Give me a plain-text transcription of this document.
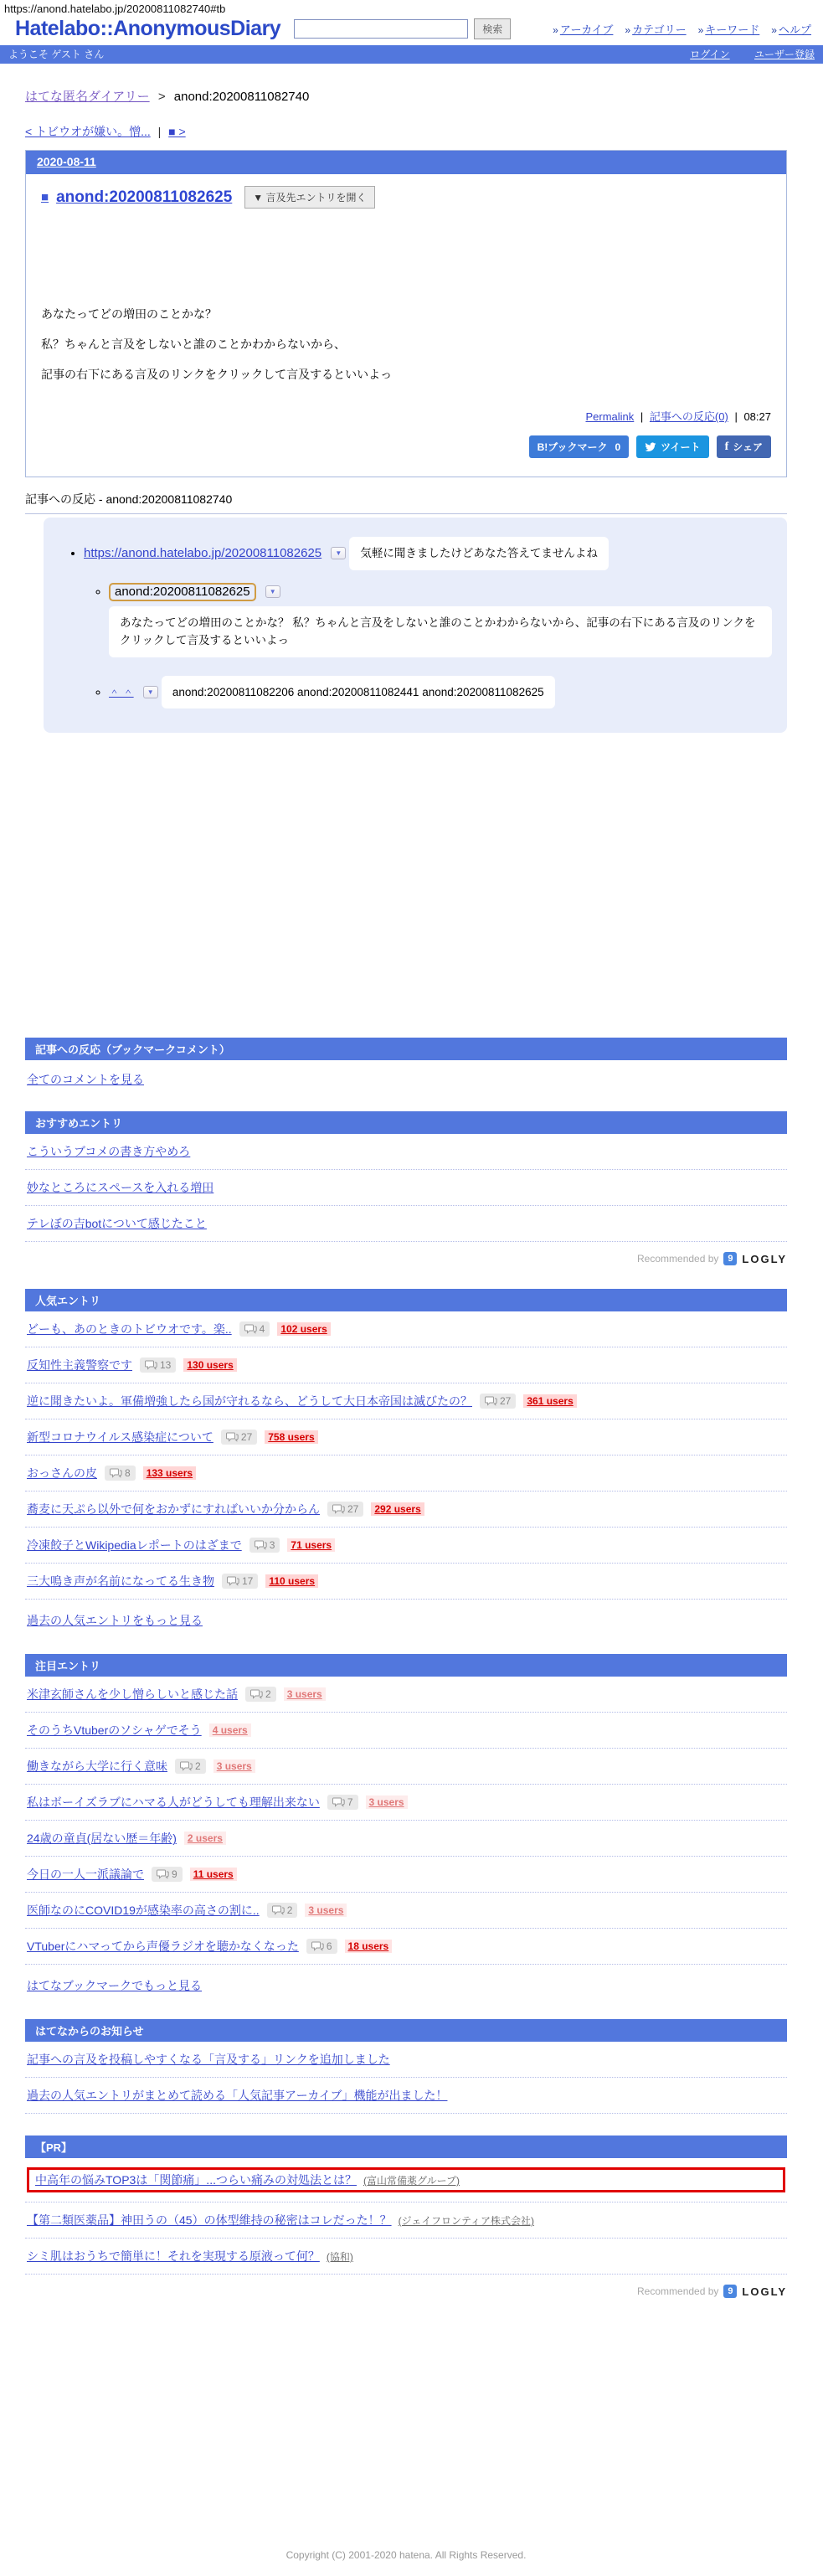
https://anond.hatelabo.jp/20200811082740#tb
Hatelabo::AnonymousDiary	検索	» アーカイブ » カテゴリー » キーワード » ヘルプ
ようこそ ゲスト さん	ログイン ユーザー登録
はてな匿名ダイアリー > anond:20200811082740
< トビウオが嫌い。憎... | ■ >
2020-08-11
■ anond:20200811082625	▼ 言及先エントリを開く

あなたってどの増田のことかな？

私？ちゃんと言及をしないと誰のことかわからないから、

記事の右下にある言及のリンクをクリックして言及するといいよっ

Permalink | 記事への反応(0) | 08:27
B!ブックマーク 0	ツイート f シェア
記事への反応 - anond:20200811082740
• https://anond.hatelabo.jp/20200811082625 ▼ 気軽に聞きましたけどあなた答えてませんよね
◦ anond:20200811082625	▼ あなたってどの増田のことかな？ 私？ちゃんと言及をしないと誰のことかわからないから、記事の右下にある言及のリンクをクリックして言及するといいよっ
◦ ＾ ＾ ▼ anond:20200811082206 anond:20200811082441 anond:20200811082625
記事への反応（ブックマークコメント）
全てのコメントを見る
おすすめエントリ
こういうブコメの書き方やめろ
妙なところにスペースを入れる増田
テレぼの吉botについて感じたこと
Recommended by 9 LOGLY
人気エントリ
どーも、あのときのトビウオです。楽..	4	102 users
反知性主義警察です	13	130 users
逆に聞きたいよ。軍備増強したら国が守れるなら、どうして大日本帝国は滅びたの？	27	361 users
新型コロナウイルス感染症について	27	758 users
おっさんの皮	8	133 users
蕎麦に天ぷら以外で何をおかずにすればいいか分からん	27	292 users
冷凍餃子とWikipediaレポートのはざまで	3	71 users
三大鳴き声が名前になってる生き物	17	110 users
過去の人気エントリをもっと見る
注目エントリ
米津玄師さんを少し憎らしいと感じた話	2	3 users
そのうちVtuberのソシャゲでそう	4 users
働きながら大学に行く意味	2	3 users
私はボーイズラブにハマる人がどうしても理解出来ない	7	3 users
24歳の童貞(居ない歴＝年齢)	2 users
今日の一人一派議論で	9	11 users
医師なのにCOVID19が感染率の高さの割に..	2	3 users
VTuberにハマってから声優ラジオを聴かなくなった	6	18 users
はてなブックマークでもっと見る
はてなからのお知らせ
記事への言及を投稿しやすくなる「言及する」リンクを追加しました
過去の人気エントリがまとめて読める「人気記事アーカイブ」機能が出ました！
【PR】
中高年の悩みTOP3は「関節痛」...つらい痛みの対処法とは？ (富山常備薬グループ)
【第二類医薬品】神田うの（45）の体型維持の秘密はコレだった！？ (ジェイフロンティア株式会社)
シミ肌はおうちで簡単に！それを実現する原液って何？ (協和)
Recommended by 9 LOGLY
Copyright (C) 2001-2020 hatena. All Rights Reserved.
